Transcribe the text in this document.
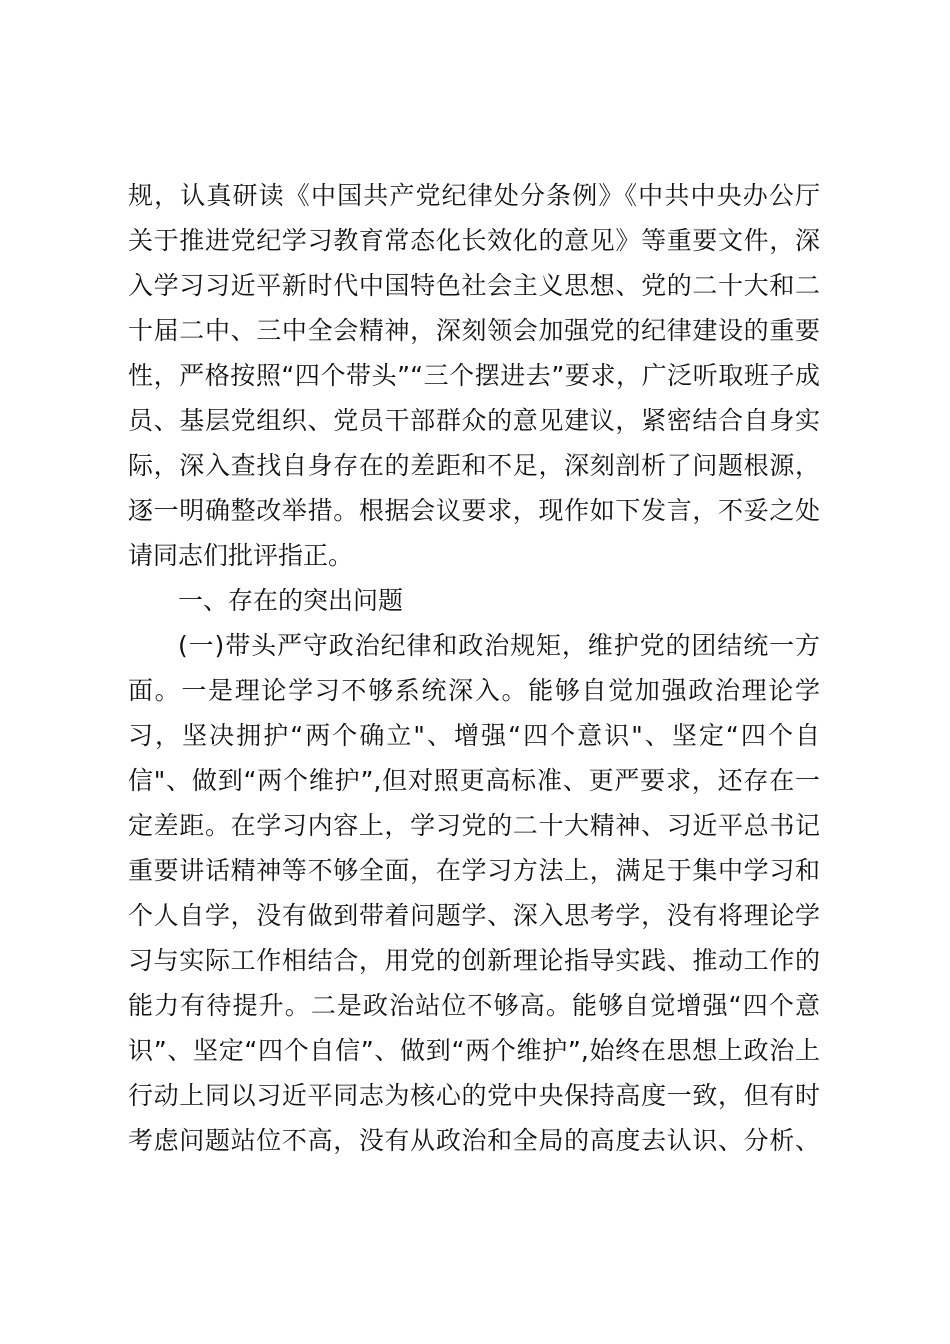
规，认真研读《中国共产党纪律处分条例》《中共中央办公厅
关于推进党纪学习教育常态化长效化的意见》等重要文件，深
入学习习近平新时代中国特色社会主义思想、党的二十大和二
十届二中、三中全会精神，深刻领会加强党的纪律建设的重要
性，严格按照“四个带头”“三个摆进去”要求，广泛听取班子成
员、基层党组织、党员干部群众的意见建议，紧密结合自身实
际，深入查找自身存在的差距和不足，深刻剖析了问题根源，
逐一明确整改举措。根据会议要求，现作如下发言，不妥之处
请同志们批评指正。
一、存在的突出问题
(一)带头严守政治纪律和政治规矩，维护党的团结统一方
面。一是理论学习不够系统深入。能够自觉加强政治理论学
习，坚决拥护“两个确立"、增强“四个意识"、坚定“四个自
信"、做到“两个维护”,但对照更高标准、更严要求，还存在一
定差距。在学习内容上，学习党的二十大精神、习近平总书记
重要讲话精神等不够全面，在学习方法上，满足于集中学习和
个人自学，没有做到带着问题学、深入思考学，没有将理论学
习与实际工作相结合，用党的创新理论指导实践、推动工作的
能力有待提升。二是政治站位不够高。能够自觉增强“四个意
识”、坚定“四个自信”、做到“两个维护”,始终在思想上政治上
行动上同以习近平同志为核心的党中央保持高度一致，但有时
考虑问题站位不高，没有从政治和全局的高度去认识、分析、
